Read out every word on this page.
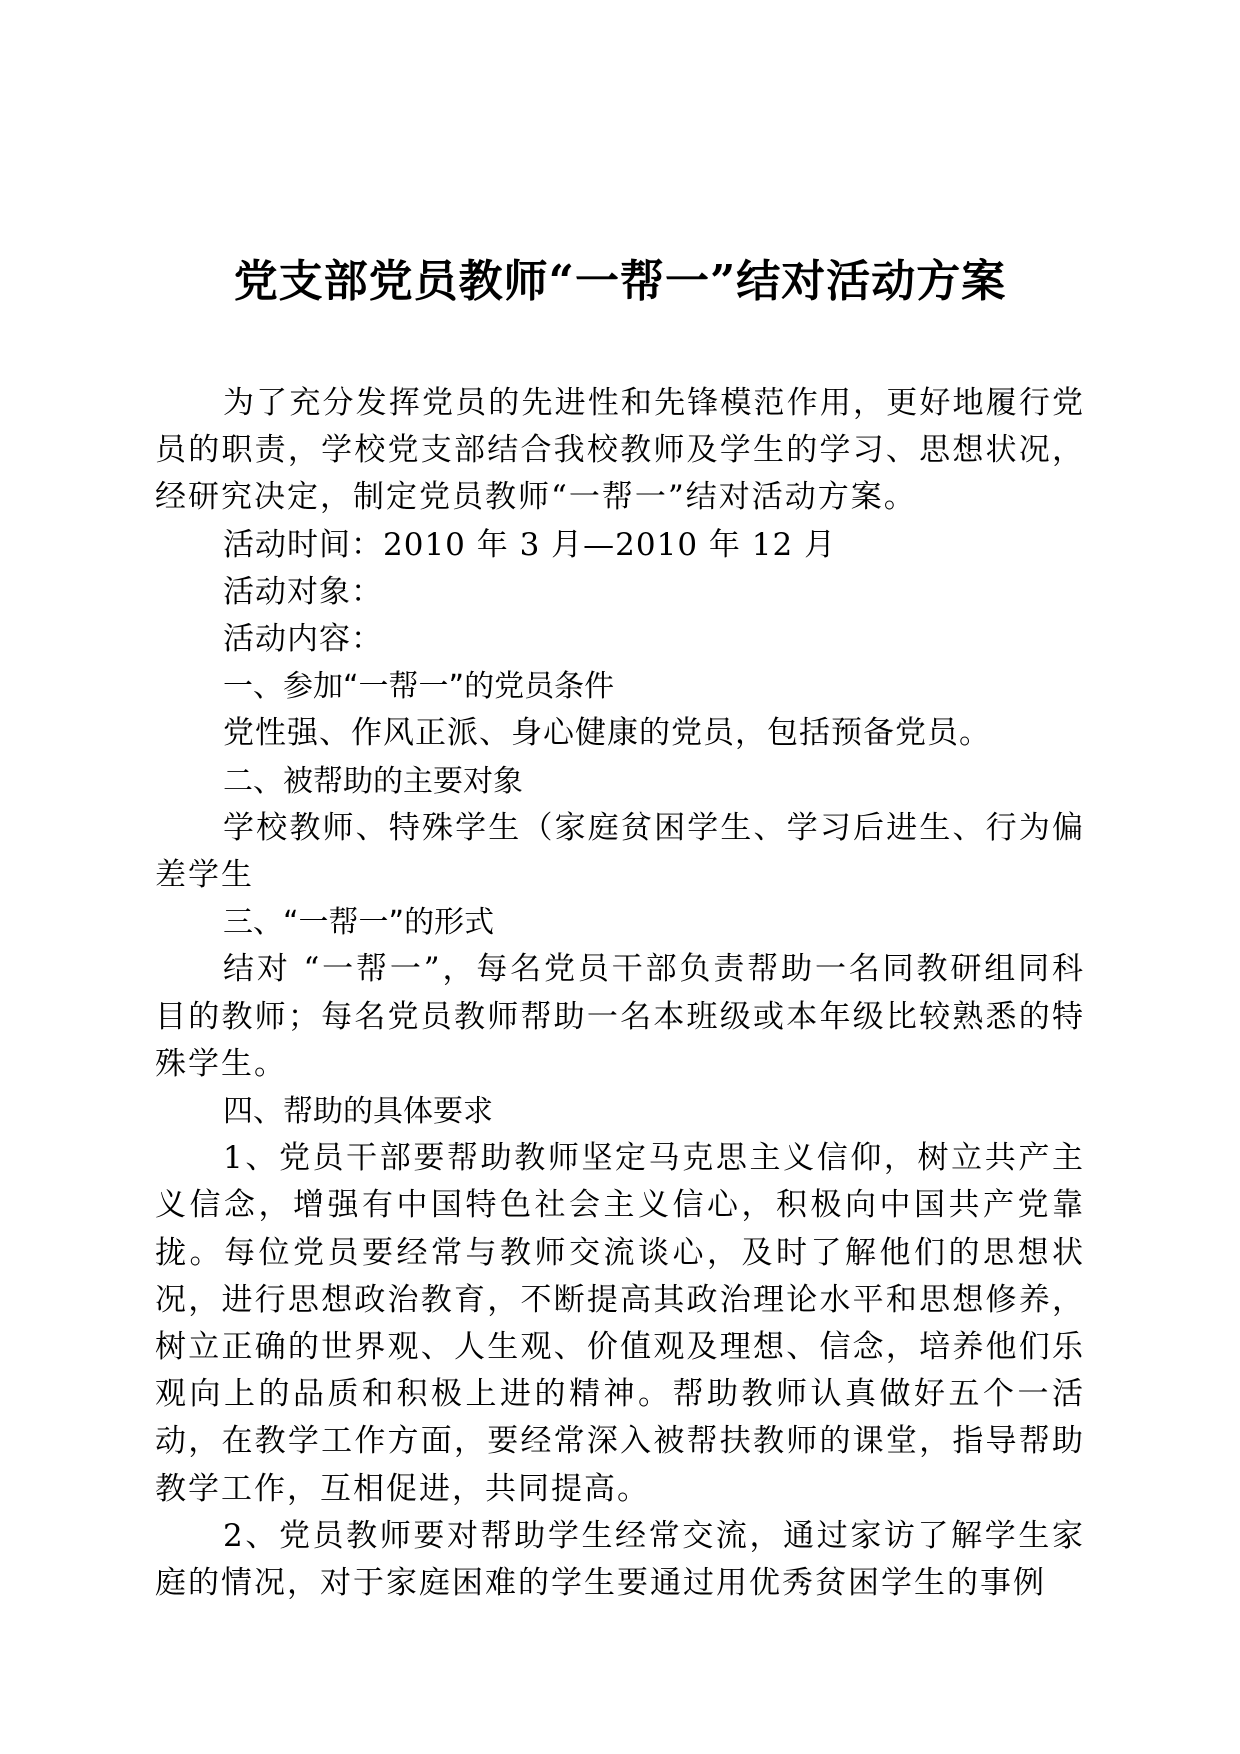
党支部党员教师“一帮一”结对活动方案

为了充分发挥党员的先进性和先锋模范作用，更好地履行党员的职责，学校党支部结合我校教师及学生的学习、思想状况，经研究决定，制定党员教师“一帮一”结对活动方案。

活动时间：2010 年 3 月—2010 年 12 月

活动对象：

活动内容：

一、参加“一帮一”的党员条件

党性强、作风正派、身心健康的党员，包括预备党员。

二、被帮助的主要对象

学校教师、特殊学生（家庭贫困学生、学习后进生、行为偏差学生

三、“一帮一”的形式

结对 “一帮一”，每名党员干部负责帮助一名同教研组同科目的教师；每名党员教师帮助一名本班级或本年级比较熟悉的特殊学生。

四、帮助的具体要求

1、党员干部要帮助教师坚定马克思主义信仰，树立共产主义信念，增强有中国特色社会主义信心，积极向中国共产党靠拢。每位党员要经常与教师交流谈心，及时了解他们的思想状况，进行思想政治教育，不断提高其政治理论水平和思想修养，树立正确的世界观、人生观、价值观及理想、信念，培养他们乐观向上的品质和积极上进的精神。帮助教师认真做好五个一活动，在教学工作方面，要经常深入被帮扶教师的课堂，指导帮助教学工作，互相促进，共同提高。

2、党员教师要对帮助学生经常交流，通过家访了解学生家庭的情况，对于家庭困难的学生要通过用优秀贫困学生的事例
